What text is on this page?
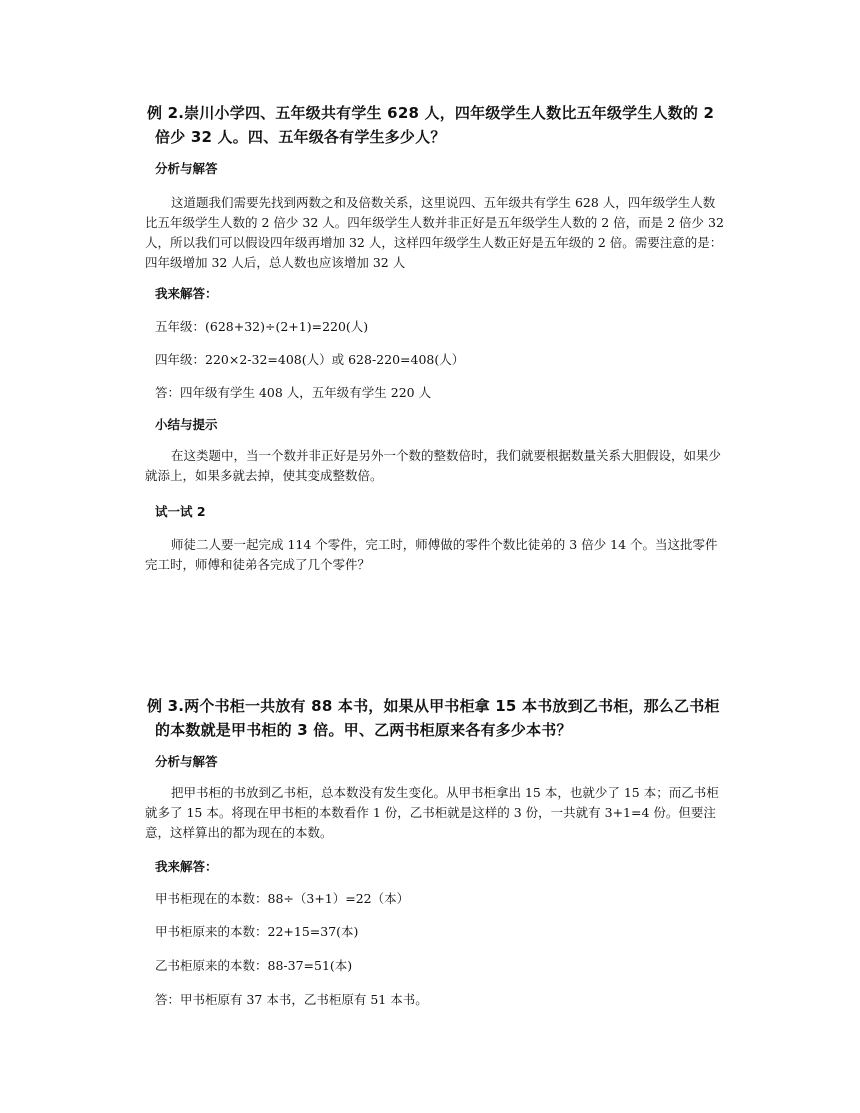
例 2.崇川小学四、五年级共有学生 628 人，四年级学生人数比五年级学生人数的 2 倍少 32 人。四、五年级各有学生多少人？
分析与解答
这道题我们需要先找到两数之和及倍数关系，这里说四、五年级共有学生 628 人，四年级学生人数比五年级学生人数的 2 倍少 32 人。四年级学生人数并非正好是五年级学生人数的 2 倍，而是 2 倍少 32 人，所以我们可以假设四年级再增加 32 人，这样四年级学生人数正好是五年级的 2 倍。需要注意的是：四年级增加 32 人后，总人数也应该增加 32 人
我来解答：
五年级：(628+32)÷(2+1)=220(人)
四年级：220×2-32=408(人）或 628-220=408(人）
答：四年级有学生 408 人，五年级有学生 220 人
小结与提示
在这类题中，当一个数并非正好是另外一个数的整数倍时，我们就要根据数量关系大胆假设，如果少就添上，如果多就去掉，使其变成整数倍。
试一试 2
师徒二人要一起完成 114 个零件，完工时，师傅做的零件个数比徒弟的 3 倍少 14 个。当这批零件完工时，师傅和徒弟各完成了几个零件？
例 3.两个书柜一共放有 88 本书，如果从甲书柜拿 15 本书放到乙书柜，那么乙书柜的本数就是甲书柜的 3 倍。甲、乙两书柜原来各有多少本书？
分析与解答
把甲书柜的书放到乙书柜，总本数没有发生变化。从甲书柜拿出 15 本，也就少了 15 本；而乙书柜就多了 15 本。将现在甲书柜的本数看作 1 份，乙书柜就是这样的 3 份，一共就有 3+1=4 份。但要注意，这样算出的都为现在的本数。
我来解答：
甲书柜现在的本数：88÷（3+1）=22（本）
甲书柜原来的本数：22+15=37(本)
乙书柜原来的本数：88-37=51(本)
答：甲书柜原有 37 本书，乙书柜原有 51 本书。
